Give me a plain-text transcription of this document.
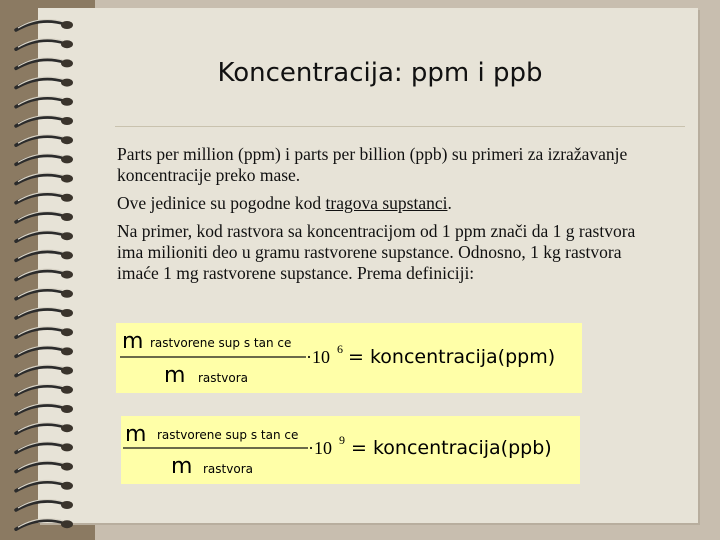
Koncentracija: ppm i ppb

Parts per million (ppm) i parts per billion (ppb) su primeri za izražavanje koncentracije preko mase.

Ove jedinice su pogodne kod tragova supstanci.

Na primer, kod rastvora sa koncentracijom od 1 ppm znači da 1 g rastvora ima milioniti deo u gramu rastvorene supstance. Odnosno, 1 kg rastvora imaće 1 mg rastvorene supstance. Prema definiciji:

m rastvorene sup s tan ce
m rastvora
·10 6 = koncentracija(ppm)
m rastvorene sup s tan ce
m rastvora
·10 9 = koncentracija(ppb)
